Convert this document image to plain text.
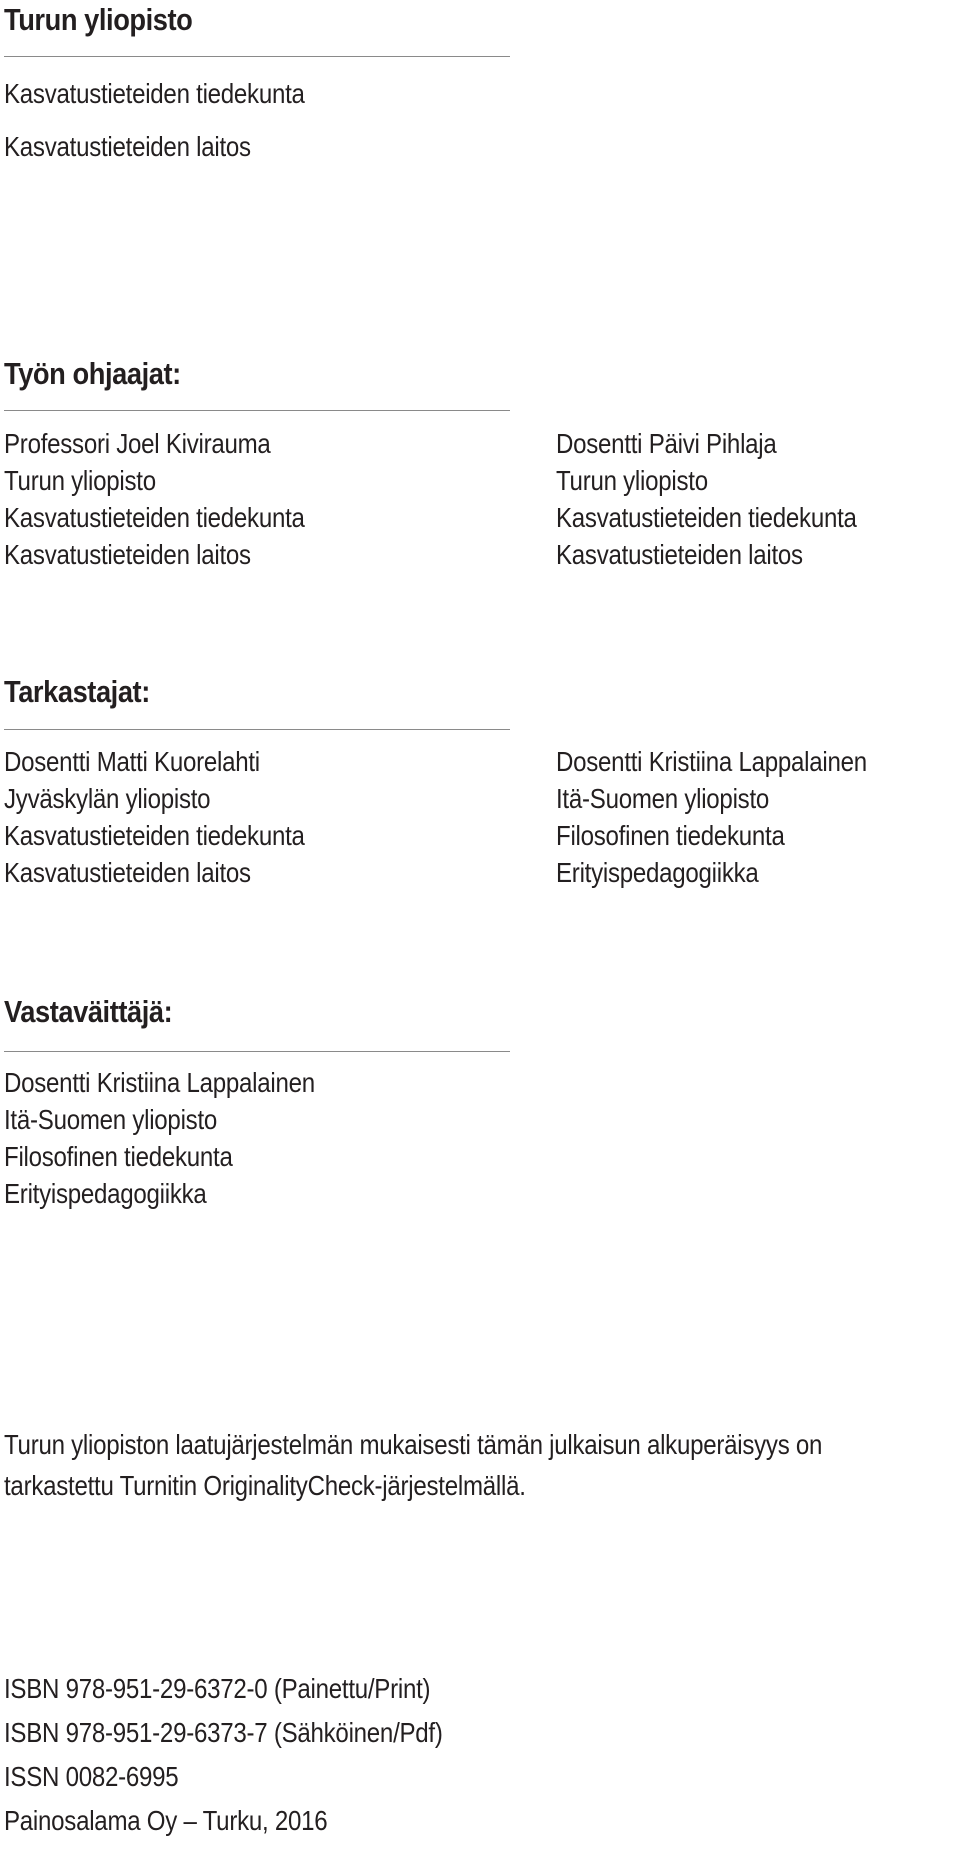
Turun yliopisto
Kasvatustieteiden tiedekunta
Kasvatustieteiden laitos
Työn ohjaajat:
Professori Joel Kivirauma
Turun yliopisto
Kasvatustieteiden tiedekunta
Kasvatustieteiden laitos
Dosentti Päivi Pihlaja
Turun yliopisto
Kasvatustieteiden tiedekunta
Kasvatustieteiden laitos
Tarkastajat:
Dosentti Matti Kuorelahti
Jyväskylän yliopisto
Kasvatustieteiden tiedekunta
Kasvatustieteiden laitos
Dosentti Kristiina Lappalainen
Itä-Suomen yliopisto
Filosofinen tiedekunta
Erityispedagogiikka
Vastaväittäjä:
Dosentti Kristiina Lappalainen
Itä-Suomen yliopisto
Filosofinen tiedekunta
Erityispedagogiikka
Turun yliopiston laatujärjestelmän mukaisesti tämän julkaisun alkuperäisyys on
tarkastettu Turnitin OriginalityCheck-järjestelmällä.
ISBN 978-951-29-6372-0 (Painettu/Print)
ISBN 978-951-29-6373-7 (Sähköinen/Pdf)
ISSN 0082-6995
Painosalama Oy – Turku, 2016
